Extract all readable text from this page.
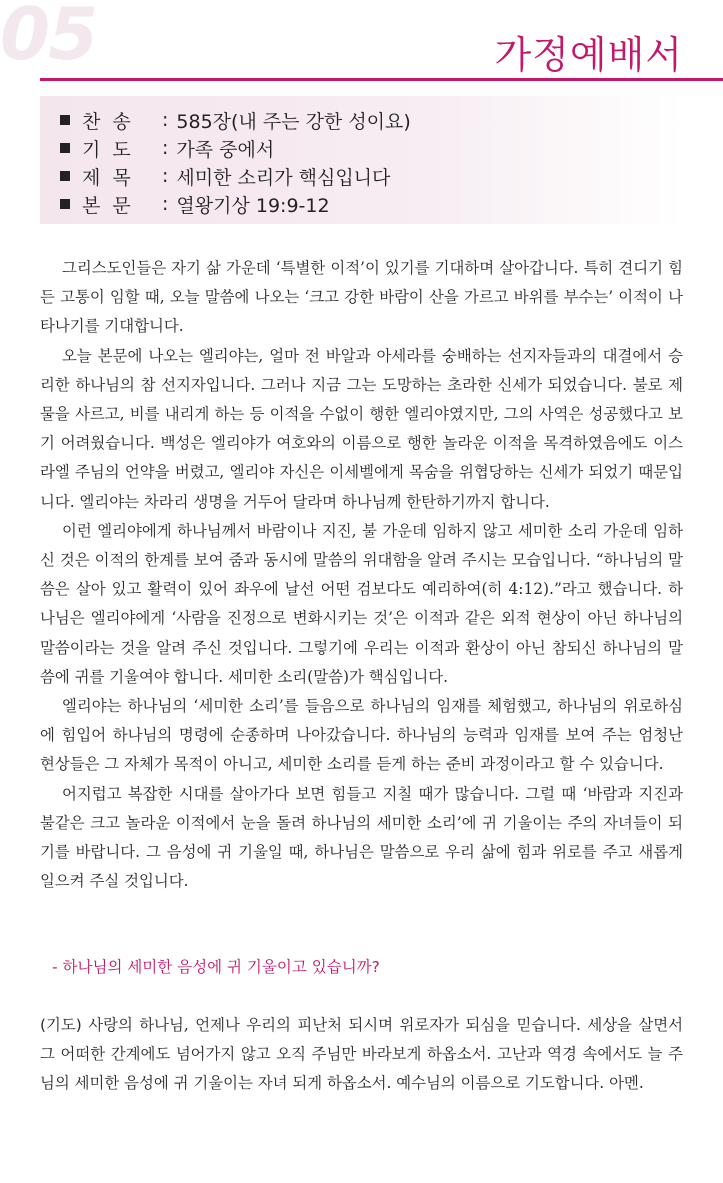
05	가정예배서
찬  송	: 585장(내 주는 강한 성이요)
기  도	: 가족 중에서
제  목	: 세미한 소리가 핵심입니다
본  문	: 열왕기상 19:9-12

그리스도인들은 자기 삶 가운데 ‘특별한 이적’이 있기를 기대하며 살아갑니다. 특히 견디기 힘든 고통이 임할 때, 오늘 말씀에 나오는 ‘크고 강한 바람이 산을 가르고 바위를 부수는’ 이적이 나타나기를 기대합니다.

오늘 본문에 나오는 엘리야는, 얼마 전 바알과 아세라를 숭배하는 선지자들과의 대결에서 승리한 하나님의 참 선지자입니다. 그러나 지금 그는 도망하는 초라한 신세가 되었습니다. 불로 제물을 사르고, 비를 내리게 하는 등 이적을 수없이 행한 엘리야였지만, 그의 사역은 성공했다고 보기 어려웠습니다. 백성은 엘리야가 여호와의 이름으로 행한 놀라운 이적을 목격하였음에도 이스라엘 주님의 언약을 버렸고, 엘리야 자신은 이세벨에게 목숨을 위협당하는 신세가 되었기 때문입니다. 엘리야는 차라리 생명을 거두어 달라며 하나님께 한탄하기까지 합니다.

이런 엘리야에게 하나님께서 바람이나 지진, 불 가운데 임하지 않고 세미한 소리 가운데 임하신 것은 이적의 한계를 보여 줌과 동시에 말씀의 위대함을 알려 주시는 모습입니다. “하나님의 말씀은 살아 있고 활력이 있어 좌우에 날선 어떤 검보다도 예리하여(히 4:12).”라고 했습니다. 하나님은 엘리야에게 ‘사람을 진정으로 변화시키는 것’은 이적과 같은 외적 현상이 아닌 하나님의 말씀이라는 것을 알려 주신 것입니다. 그렇기에 우리는 이적과 환상이 아닌 참되신 하나님의 말씀에 귀를 기울여야 합니다. 세미한 소리(말씀)가 핵심입니다.

엘리야는 하나님의 ‘세미한 소리’를 들음으로 하나님의 임재를 체험했고, 하나님의 위로하심에 힘입어 하나님의 명령에 순종하며 나아갔습니다. 하나님의 능력과 임재를 보여 주는 엄청난 현상들은 그 자체가 목적이 아니고, 세미한 소리를 듣게 하는 준비 과정이라고 할 수 있습니다.

어지럽고 복잡한 시대를 살아가다 보면 힘들고 지칠 때가 많습니다. 그럴 때 ‘바람과 지진과 불같은 크고 놀라운 이적에서 눈을 돌려 하나님의 세미한 소리’에 귀 기울이는 주의 자녀들이 되기를 바랍니다. 그 음성에 귀 기울일 때, 하나님은 말씀으로 우리 삶에 힘과 위로를 주고 새롭게 일으켜 주실 것입니다.

- 하나님의 세미한 음성에 귀 기울이고 있습니까?
(기도) 사랑의 하나님, 언제나 우리의 피난처 되시며 위로자가 되심을 믿습니다. 세상을 살면서 그 어떠한 간계에도 넘어가지 않고 오직 주님만 바라보게 하옵소서. 고난과 역경 속에서도 늘 주님의 세미한 음성에 귀 기울이는 자녀 되게 하옵소서. 예수님의 이름으로 기도합니다. 아멘.
